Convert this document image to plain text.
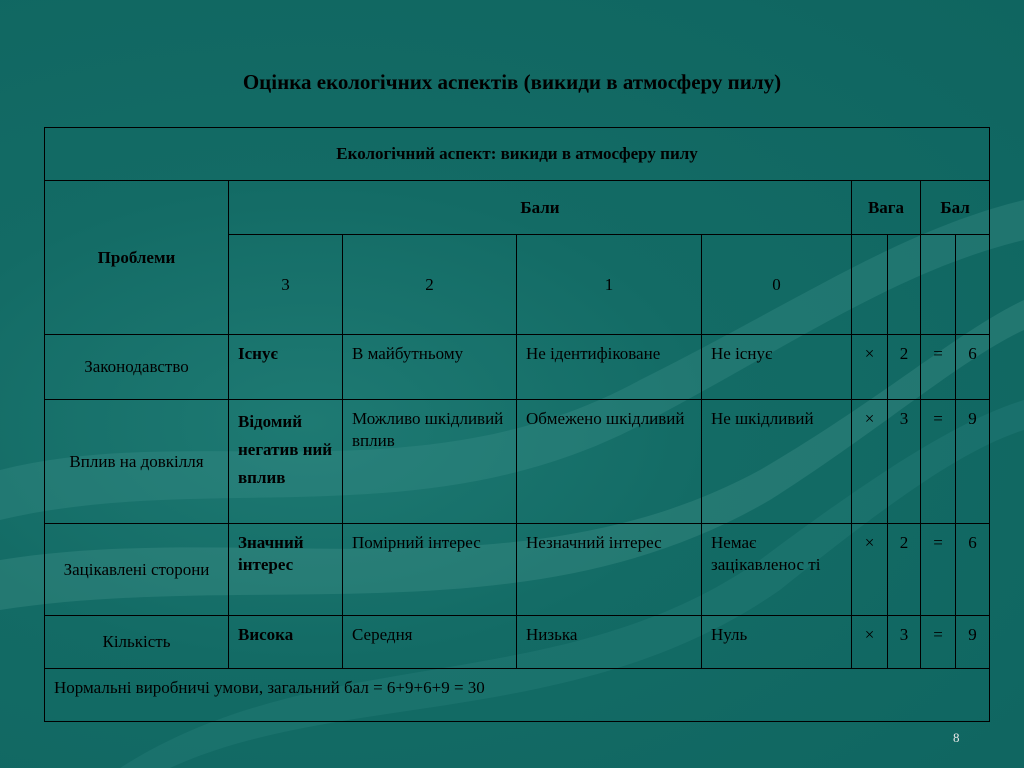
Оцінка екологічних аспектів (викиди в атмосферу пилу)
Екологічний аспект: викиди в атмосферу пилу								
Проблеми	Бали				Вага		Бал	
	3	2	1	0				
Законодавство	Існує	В майбутньому	Не ідентифіковане	Не існує	×	2	=	6
Вплив на довкілля	Відомий негатив ний вплив	Можливо шкідливий вплив	Обмежено шкідливий	Не шкідливий	×	3	=	9
Зацікавлені сторони	Значний інтерес	Помірний інтерес	Незначний інтерес	Немає зацікавленос ті	×	2	=	6
Кількість	Висока	Середня	Низька	Нуль	×	3	=	9
Нормальні виробничі умови, загальний бал = 6+9+6+9 = 30								
8
